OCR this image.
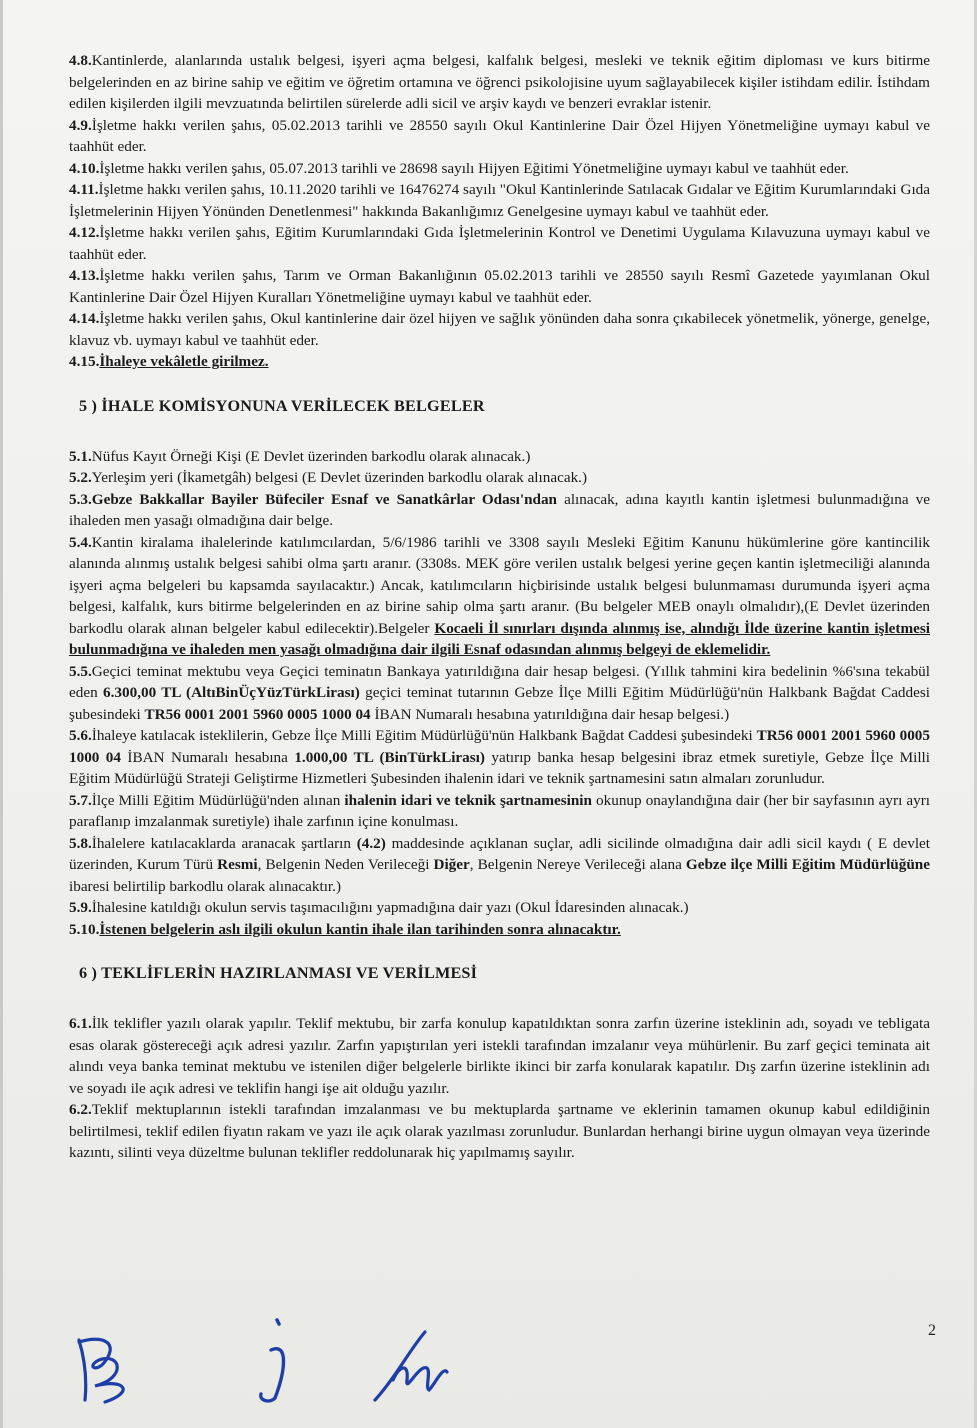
4.8.Kantinlerde, alanlarında ustalık belgesi, işyeri açma belgesi, kalfalık belgesi, mesleki ve teknik eğitim diploması ve kurs bitirme belgelerinden en az birine sahip ve eğitim ve öğretim ortamına ve öğrenci psikolojisine uyum sağlayabilecek kişiler istihdam edilir. İstihdam edilen kişilerden ilgili mevzuatında belirtilen sürelerde adli sicil ve arşiv kaydı ve benzeri evraklar istenir.

4.9.İşletme hakkı verilen şahıs, 05.02.2013 tarihli ve 28550 sayılı Okul Kantinlerine Dair Özel Hijyen Yönetmeliğine uymayı kabul ve taahhüt eder.

4.10.İşletme hakkı verilen şahıs, 05.07.2013 tarihli ve 28698 sayılı Hijyen Eğitimi Yönetmeliğine uymayı kabul ve taahhüt eder.

4.11.İşletme hakkı verilen şahıs, 10.11.2020 tarihli ve 16476274 sayılı "Okul Kantinlerinde Satılacak Gıdalar ve Eğitim Kurumlarındaki Gıda İşletmelerinin Hijyen Yönünden Denetlenmesi" hakkında Bakanlığımız Genelgesine uymayı kabul ve taahhüt eder.

4.12.İşletme hakkı verilen şahıs, Eğitim Kurumlarındaki Gıda İşletmelerinin Kontrol ve Denetimi Uygulama Kılavuzuna uymayı kabul ve taahhüt eder.

4.13.İşletme hakkı verilen şahıs, Tarım ve Orman Bakanlığının 05.02.2013 tarihli ve 28550 sayılı Resmî Gazetede yayımlanan Okul Kantinlerine Dair Özel Hijyen Kuralları Yönetmeliğine uymayı kabul ve taahhüt eder.

4.14.İşletme hakkı verilen şahıs, Okul kantinlerine dair özel hijyen ve sağlık yönünden daha sonra çıkabilecek yönetmelik, yönerge, genelge, klavuz vb. uymayı kabul ve taahhüt eder.

4.15.İhaleye vekâletle girilmez.

5 ) İHALE KOMİSYONUNA VERİLECEK BELGELER

5.1.Nüfus Kayıt Örneği Kişi (E Devlet üzerinden barkodlu olarak alınacak.)

5.2.Yerleşim yeri (İkametgâh) belgesi (E Devlet üzerinden barkodlu olarak alınacak.)

5.3.Gebze Bakkallar Bayiler Büfeciler Esnaf ve Sanatkârlar Odası'ndan alınacak, adına kayıtlı kantin işletmesi bulunmadığına ve ihaleden men yasağı olmadığına dair belge.

5.4.Kantin kiralama ihalelerinde katılımcılardan, 5/6/1986 tarihli ve 3308 sayılı Mesleki Eğitim Kanunu hükümlerine göre kantincilik alanında alınmış ustalık belgesi sahibi olma şartı aranır. (3308s. MEK göre verilen ustalık belgesi yerine geçen kantin işletmeciliği alanında işyeri açma belgeleri bu kapsamda sayılacaktır.) Ancak, katılımcıların hiçbirisinde ustalık belgesi bulunmaması durumunda işyeri açma belgesi, kalfalık, kurs bitirme belgelerinden en az birine sahip olma şartı aranır. (Bu belgeler MEB onaylı olmalıdır),(E Devlet üzerinden barkodlu olarak alınan belgeler kabul edilecektir).Belgeler Kocaeli İl sınırları dışında alınmış ise, alındığı İlde üzerine kantin işletmesi bulunmadığına ve ihaleden men yasağı olmadığına dair ilgili Esnaf odasından alınmış belgeyi de eklemelidir.

5.5.Geçici teminat mektubu veya Geçici teminatın Bankaya yatırıldığına dair hesap belgesi. (Yıllık tahmini kira bedelinin %6'sına tekabül eden 6.300,00 TL (AltıBinÜçYüzTürkLirası) geçici teminat tutarının Gebze İlçe Milli Eğitim Müdürlüğü'nün Halkbank Bağdat Caddesi şubesindeki TR56 0001 2001 5960 0005 1000 04 İBAN Numaralı hesabına yatırıldığına dair hesap belgesi.)

5.6.İhaleye katılacak isteklilerin, Gebze İlçe Milli Eğitim Müdürlüğü'nün Halkbank Bağdat Caddesi şubesindeki TR56 0001 2001 5960 0005 1000 04 İBAN Numaralı hesabına 1.000,00 TL (BinTürkLirası) yatırıp banka hesap belgesini ibraz etmek suretiyle, Gebze İlçe Milli Eğitim Müdürlüğü Strateji Geliştirme Hizmetleri Şubesinden ihalenin idari ve teknik şartnamesini satın almaları zorunludur.

5.7.İlçe Milli Eğitim Müdürlüğü'nden alınan ihalenin idari ve teknik şartnamesinin okunup onaylandığına dair (her bir sayfasının ayrı ayrı paraflanıp imzalanmak suretiyle) ihale zarfının içine konulması.

5.8.İhalelere katılacaklarda aranacak şartların (4.2) maddesinde açıklanan suçlar, adli sicilinde olmadığına dair adli sicil kaydı ( E devlet üzerinden, Kurum Türü Resmi, Belgenin Neden Verileceği Diğer, Belgenin Nereye Verileceği alana Gebze ilçe Milli Eğitim Müdürlüğüne ibaresi belirtilip barkodlu olarak alınacaktır.)

5.9.İhalesine katıldığı okulun servis taşımacılığını yapmadığına dair yazı (Okul İdaresinden alınacak.)

5.10.İstenen belgelerin aslı ilgili okulun kantin ihale ilan tarihinden sonra alınacaktır.

6 ) TEKLİFLERİN HAZIRLANMASI VE VERİLMESİ

6.1.İlk teklifler yazılı olarak yapılır. Teklif mektubu, bir zarfa konulup kapatıldıktan sonra zarfın üzerine isteklinin adı, soyadı ve tebligata esas olarak göstereceği açık adresi yazılır. Zarfın yapıştırılan yeri istekli tarafından imzalanır veya mühürlenir. Bu zarf geçici teminata ait alındı veya banka teminat mektubu ve istenilen diğer belgelerle birlikte ikinci bir zarfa konularak kapatılır. Dış zarfın üzerine isteklinin adı ve soyadı ile açık adresi ve teklifin hangi işe ait olduğu yazılır.

6.2.Teklif mektuplarının istekli tarafından imzalanması ve bu mektuplarda şartname ve eklerinin tamamen okunup kabul edildiğinin belirtilmesi, teklif edilen fiyatın rakam ve yazı ile açık olarak yazılması zorunludur. Bunlardan herhangi birine uygun olmayan veya üzerinde kazıntı, silinti veya düzeltme bulunan teklifler reddolunarak hiç yapılmamış sayılır.

2
